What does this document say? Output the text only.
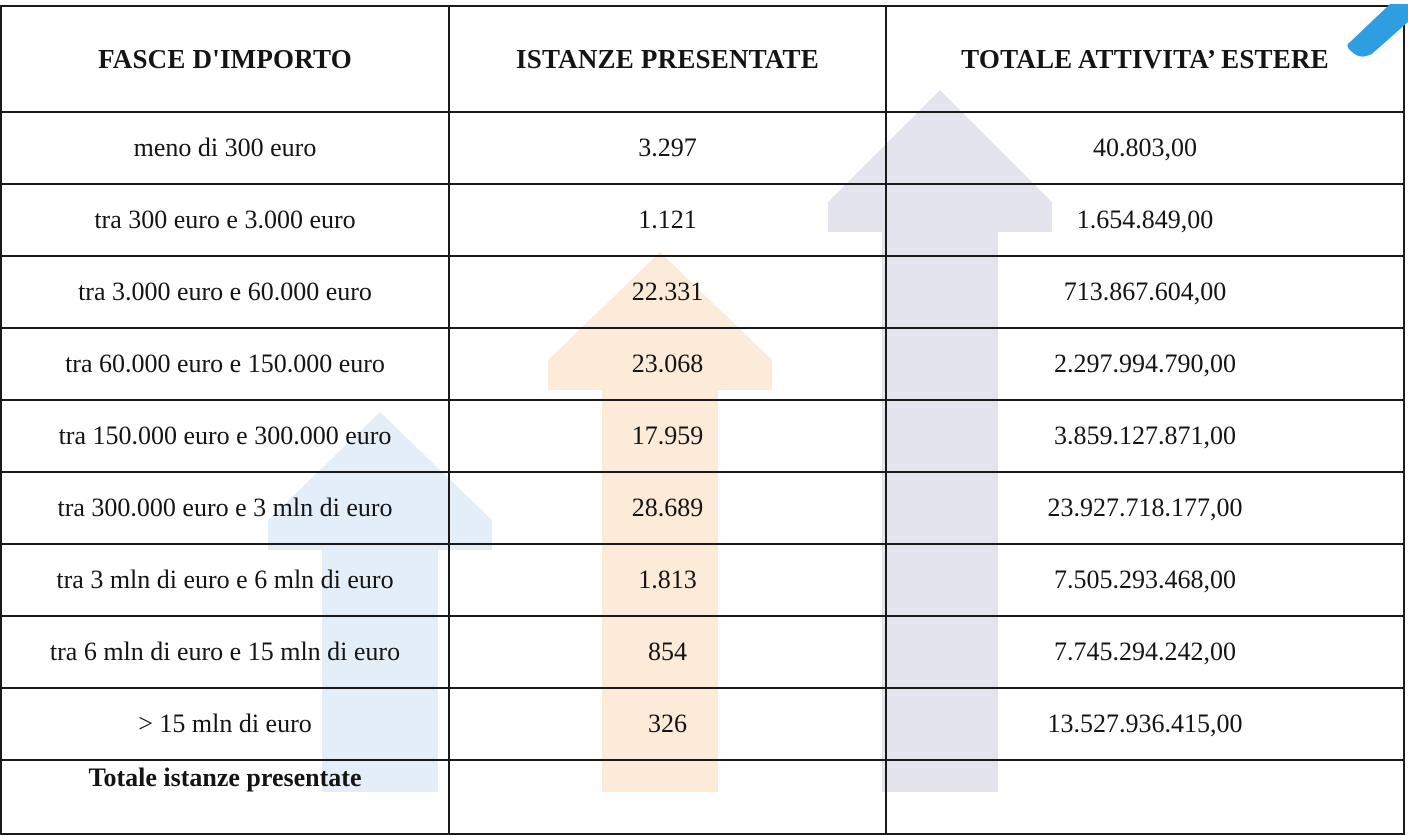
FASCE D'IMPORTO	ISTANZE PRESENTATE	TOTALE ATTIVITA’ ESTERE
meno di 300 euro	3.297	40.803,00
tra 300 euro e 3.000 euro	1.121	1.654.849,00
tra 3.000 euro e 60.000 euro	22.331	713.867.604,00
tra 60.000 euro e 150.000 euro	23.068	2.297.994.790,00
tra 150.000 euro e 300.000 euro	17.959	3.859.127.871,00
tra 300.000 euro e 3 mln di euro	28.689	23.927.718.177,00
tra 3 mln di euro e 6 mln di euro	1.813	7.505.293.468,00
tra 6 mln di euro e 15 mln di euro	854	7.745.294.242,00
> 15 mln di euro	326	13.527.936.415,00
Totale istanze presentate		
